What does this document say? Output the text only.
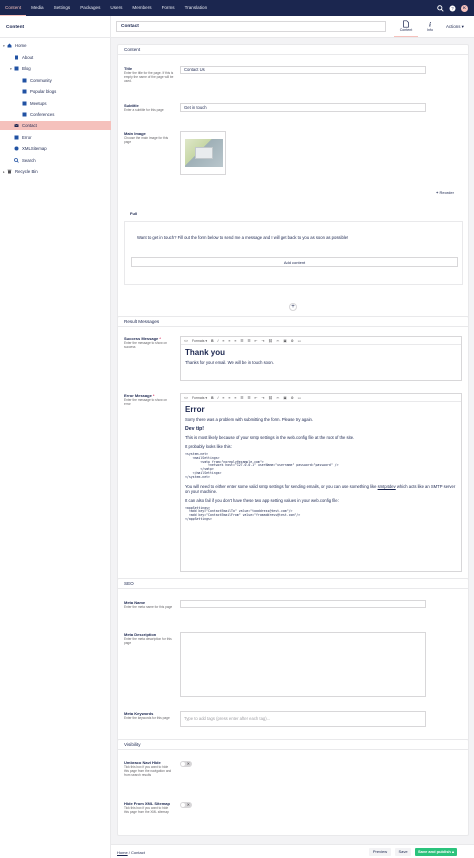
Content	Media	Settings	Packages	Users	Members	Forms	Translation	?	K
Content
▾ Home
About
▾ Blog
Community
Popular blogs
Meetups
Conferences
Contact
Error
XMLSitemap
Search
▸ Recycle Bin
Contact
Content
i
Info
Actions ▾
Content
Title
Enter the title for the page. If this is empty the name of the page will be used.
Contact Us
Subtitle
Enter a subtitle for this page	Get in touch
Main Image
Choose the main image for this page
+ Reorder
Full
Want to get in touch? Fill out the form below to send me a message and I will get back to you as soon as possible!
Add content
+
Result Messages
Success Message *
Enter the message to show on success
<> Formats ▾ B I ≡ ≡ ≡ ☰ ☰ ⇤ ⇥ ⛓ ✂ ▣ ⚙ ▭
Thank you
Thanks for your email. We will be in touch soon.
Error Message *
Enter the message to show on error
<> Formats ▾ B I ≡ ≡ ≡ ☰ ☰ ⇤ ⇥ ⛓ ✂ ▣ ⚙ ▭
Error
Sorry there was a problem with submitting the form. Please try again.
Dev tip!
This is most likely because of your smtp settings in the web.config file at the root of the site.
It probably looks like this:
<system.net>
<mailSettings>
<smtp from="noreply@example.com">
<network host="127.0.0.1" userName="username" password="password" />
</smtp>
</mailSettings>
</system.net>
You will need to either enter some valid smtp settings for sending emails, or you can use something like smtp4dev which acts like an SMTP server on your machine.
It can also fail if you don't have these two app setting values in your web.config file:
<appSettings>
<add key="ContactEmailTo" value="toaddress@test.com"/>
<add key="ContactEmailFrom" value="fromaddress@test.com"/>
</appSettings>
SEO
Meta Name
Enter the meta name for this page
Meta Description
Enter the meta description for this page
Meta Keywords
Enter the keywords for this page	Type to add tags (press enter after each tag)...
Visibility
Umbraco Navi Hide
Tick this box if you want to hide this page from the navigation and from search results
✕
Hide From XML Sitemap
Tick this box if you want to hide this page from the XML sitemap
✕
Home / Contact	Preview	Save	Save and publish ▴
